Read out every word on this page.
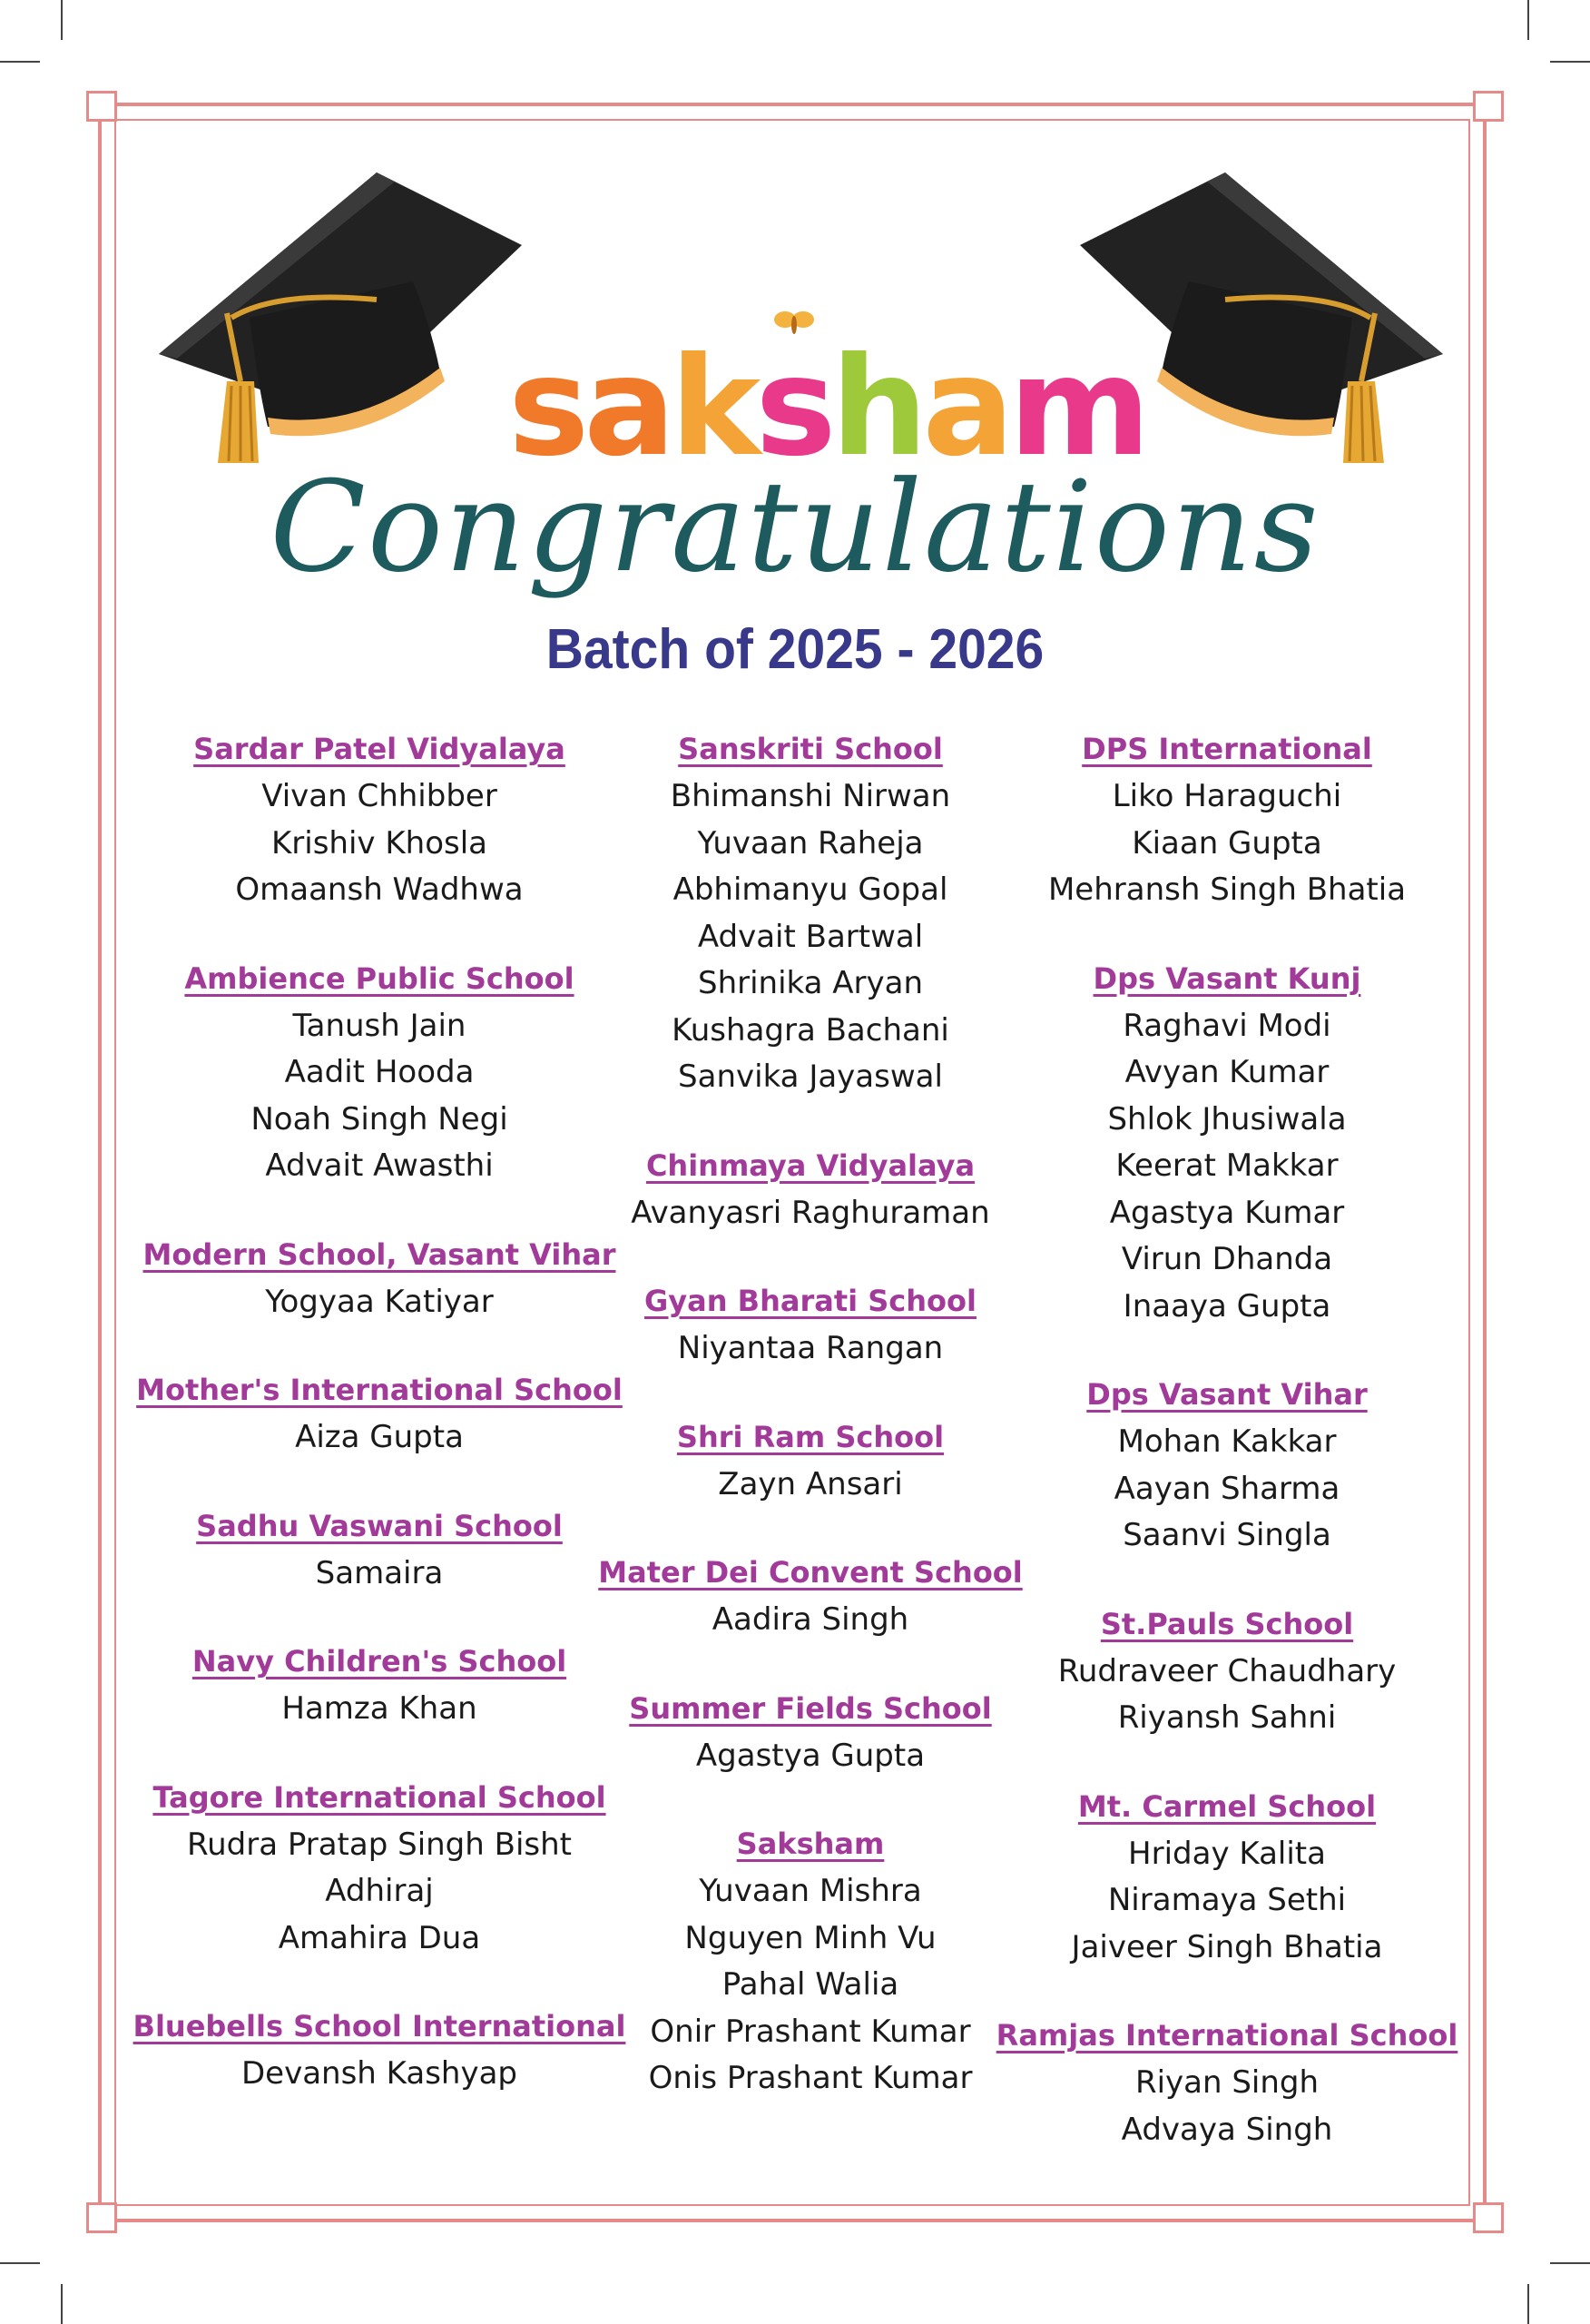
saksham
Congratulations
Batch of 2025 - 2026
Sardar Patel Vidyalaya
Vivan Chhibber
Krishiv Khosla
Omaansh Wadhwa
Ambience Public School
Tanush Jain
Aadit Hooda
Noah Singh Negi
Advait Awasthi
Modern School, Vasant Vihar
Yogyaa Katiyar
Mother's International School
Aiza Gupta
Sadhu Vaswani School
Samaira
Navy Children's School
Hamza Khan
Tagore International School
Rudra Pratap Singh Bisht
Adhiraj
Amahira Dua
Bluebells School International
Devansh Kashyap
Sanskriti School
Bhimanshi Nirwan
Yuvaan Raheja
Abhimanyu Gopal
Advait Bartwal
Shrinika Aryan
Kushagra Bachani
Sanvika Jayaswal
Chinmaya Vidyalaya
Avanyasri Raghuraman
Gyan Bharati School
Niyantaa Rangan
Shri Ram School
Zayn Ansari
Mater Dei Convent School
Aadira Singh
Summer Fields School
Agastya Gupta
Saksham
Yuvaan Mishra
Nguyen Minh Vu
Pahal Walia
Onir Prashant Kumar
Onis Prashant Kumar
DPS International
Liko Haraguchi
Kiaan Gupta
Mehransh Singh Bhatia
Dps Vasant Kunj
Raghavi Modi
Avyan Kumar
Shlok Jhusiwala
Keerat Makkar
Agastya Kumar
Virun Dhanda
Inaaya Gupta
Dps Vasant Vihar
Mohan Kakkar
Aayan Sharma
Saanvi Singla
St.Pauls School
Rudraveer Chaudhary
Riyansh Sahni
Mt. Carmel School
Hriday Kalita
Niramaya Sethi
Jaiveer Singh Bhatia
Ramjas International School
Riyan Singh
Advaya Singh
